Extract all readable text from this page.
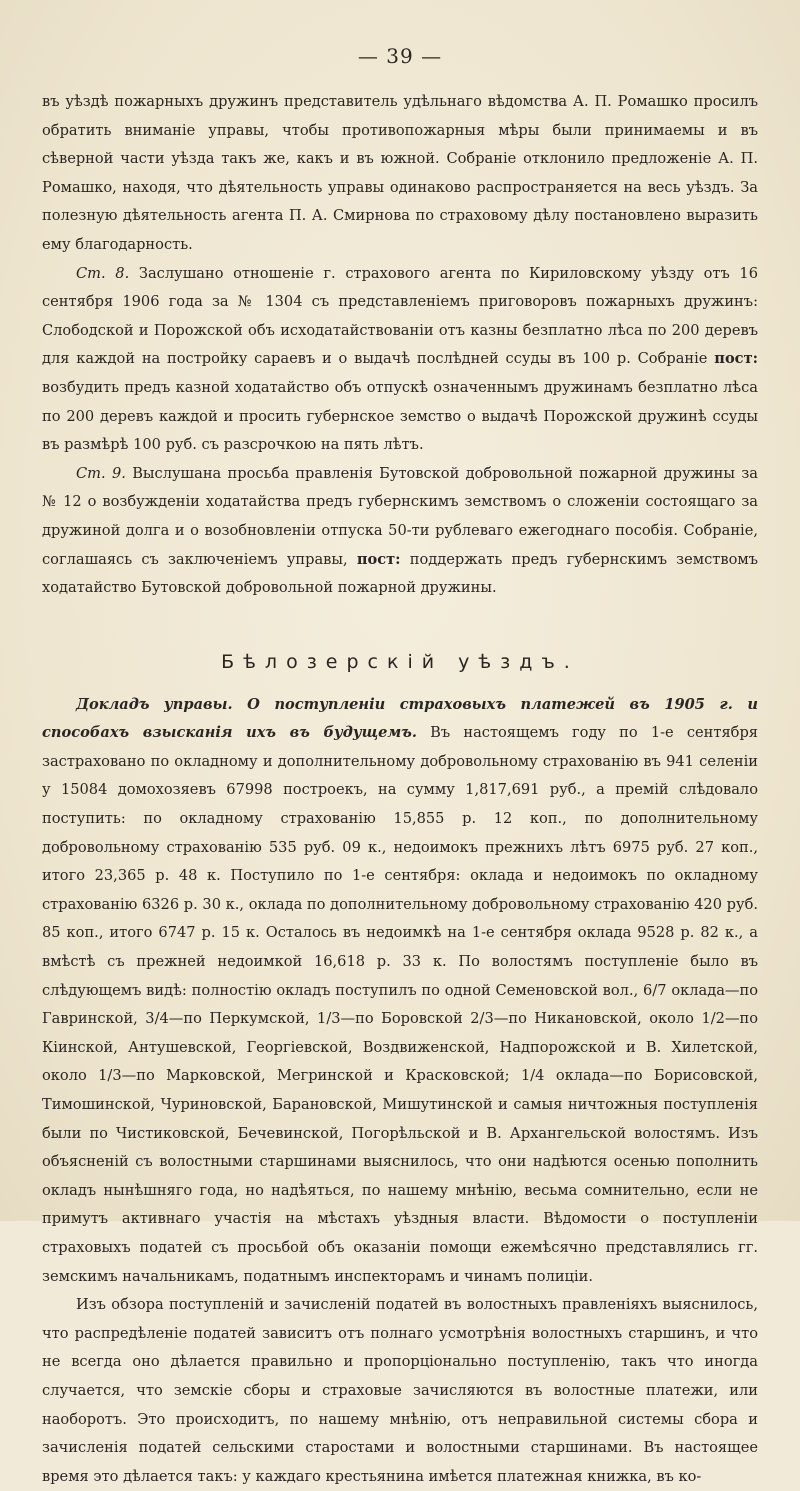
— 39 —

въ уѣздѣ пожарныхъ дружинъ представитель удѣльнаго вѣдомства А. П. Ромашко просилъ обратить вниманіе управы, чтобы противопожарныя мѣры были принимаемы и въ сѣверной части уѣзда такъ же, какъ и въ южной. Собраніе отклонило предложеніе А. П. Ромашко, находя, что дѣятельность управы одинаково распространяется на весь уѣздъ. За полезную дѣятельность агента П. А. Смирнова по страховому дѣлу постановлено выразить ему благодарность.

Ст. 8. Заслушано отношеніе г. страхового агента по Кириловскому уѣзду отъ 16 сентября 1906 года за № 1304 съ представленіемъ приговоровъ пожарныхъ дружинъ: Слободской и Порожской объ исходатайствованіи отъ казны безплатно лѣса по 200 деревъ для каждой на постройку сараевъ и о выдачѣ послѣдней ссуды въ 100 р. Собраніе пост: возбудить предъ казной ходатайство объ отпускѣ означеннымъ дружинамъ безплатно лѣса по 200 деревъ каждой и просить губернское земство о выдачѣ Порожской дружинѣ ссуды въ размѣрѣ 100 руб. съ разсрочкою на пять лѣтъ.

Ст. 9. Выслушана просьба правленія Бутовской добровольной пожарной дружины за № 12 о возбужденіи ходатайства предъ губернскимъ земствомъ о сложеніи состоящаго за дружиной долга и о возобновленіи отпуска 50-ти рублеваго ежегоднаго пособія. Собраніе, соглашаясь съ заключеніемъ управы, пост: поддержать предъ губернскимъ земствомъ ходатайство Бутовской добровольной пожарной дружины.

Бѣлозерскій уѣздъ.

Докладъ управы. О поступленіи страховыхъ платежей въ 1905 г. и способахъ взысканія ихъ въ будущемъ. Въ настоящемъ году по 1-е сентября застраховано по окладному и дополнительному добровольному страхованію въ 941 селеніи у 15084 домохозяевъ 67998 построекъ, на сумму 1,817,691 руб., а премій слѣдовало поступить: по окладному страхованію 15,855 р. 12 коп., по дополнительному добровольному страхованію 535 руб. 09 к., недоимокъ прежнихъ лѣтъ 6975 руб. 27 коп., итого 23,365 р. 48 к. Поступило по 1-е сентября: оклада и недоимокъ по окладному страхованію 6326 р. 30 к., оклада по дополнительному добровольному страхованію 420 руб. 85 коп., итого 6747 р. 15 к. Осталось въ недоимкѣ на 1-е сентября оклада 9528 р. 82 к., а вмѣстѣ съ прежней недоимкой 16,618 р. 33 к. По волостямъ поступленіе было въ слѣдующемъ видѣ: полностію окладъ поступилъ по одной Семеновской вол., 6/7 оклада—по Гавринской, 3/4—по Перкумской, 1/3—по Боровской 2/3—по Никановской, около 1/2—по Кіинской, Антушевской, Георгіевской, Воздвиженской, Надпорожской и В. Хилетской, около 1/3—по Марковской, Мегринской и Красковской; 1/4 оклада—по Борисовской, Тимошинской, Чуриновской, Барановской, Мишутинской и самыя ничтожныя поступленія были по Чистиковской, Бечевинской, Погорѣльской и В. Архангельской волостямъ. Изъ объясненій съ волостными старшинами выяснилось, что они надѣются осенью пополнить окладъ нынѣшняго года, но надѣяться, по нашему мнѣнію, весьма сомнительно, если не примутъ активнаго участія на мѣстахъ уѣздныя власти. Вѣдомости о поступленіи страховыхъ податей съ просьбой объ оказаніи помощи ежемѣсячно представлялись гг. земскимъ начальникамъ, податнымъ инспекторамъ и чинамъ полиціи.

Изъ обзора поступленій и зачисленій податей въ волостныхъ правленіяхъ выяснилось, что распредѣленіе податей зависитъ отъ полнаго усмотрѣнія волостныхъ старшинъ, и что не всегда оно дѣлается правильно и пропорціонально поступленію, такъ что иногда случается, что земскіе сборы и страховые зачисляются въ волостные платежи, или наоборотъ. Это происходитъ, по нашему мнѣнію, отъ неправильной системы сбора и зачисленія податей сельскими старостами и волостными старшинами. Въ настоящее время это дѣлается такъ: у каждаго крестьянина имѣется платежная книжка, въ ко-
